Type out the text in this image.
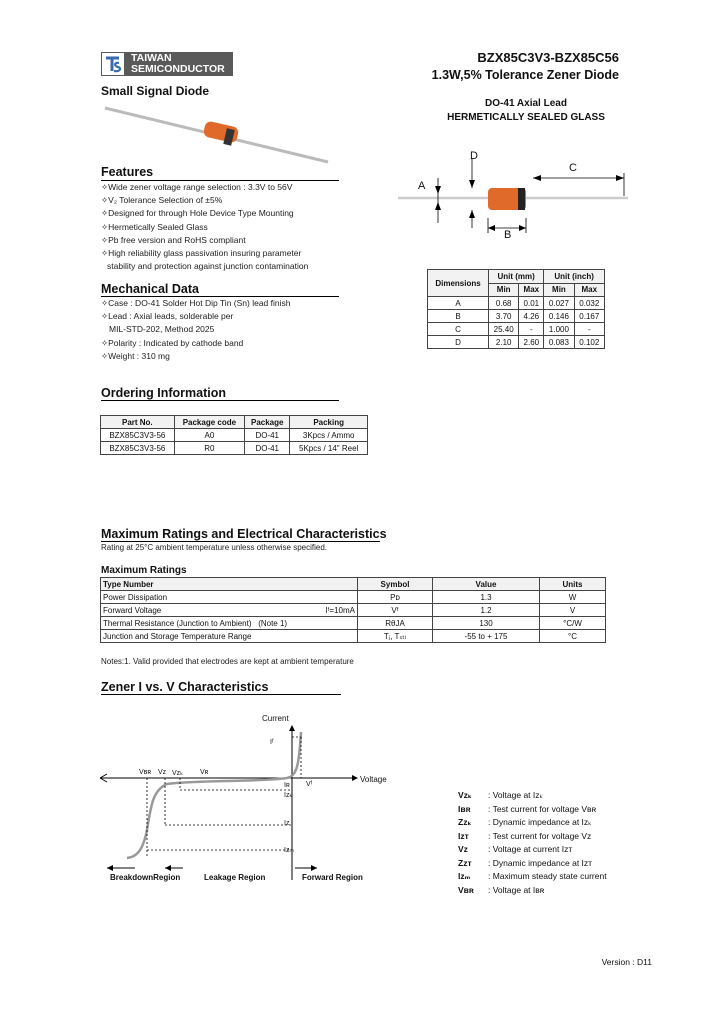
TAIWAN
SEMICONDUCTOR
BZX85C3V3-BZX85C56
1.3W,5% Tolerance Zener Diode
Small Signal Diode
DO-41 Axial Lead
HERMETICALLY SEALED GLASS
A
D
C
B
Dimensions	Unit (mm)		Unit (inch)	
	Min	Max	Min	Max
A	0.68	0.01	0.027	0.032
B	3.70	4.26	0.146	0.167
C	25.40	-	1.000	-
D	2.10	2.60	0.083	0.102
Features
✧Wide zener voltage range selection : 3.3V to 56V
✧V₂ Tolerance Selection of ±5%
✧Designed for through Hole Device Type Mounting
✧Hermetically Sealed Glass
✧Pb free version and RoHS compliant
✧High reliability glass passivation insuring parameter
stability and protection against junction contamination
Mechanical Data
✧Case : DO-41 Solder Hot Dip Tin (Sn) lead finish
✧Lead : Axial leads, solderable per
MIL-STD-202, Method 2025
✧Polarity : Indicated by cathode band
✧Weight : 310 mg
Ordering Information
Part No.	Package code	Package	Packing
BZX85C3V3-56	A0	DO-41	3Kpcs / Ammo
BZX85C3V3-56	R0	DO-41	5Kpcs / 14" Reel
Maximum Ratings and Electrical Characteristics
Rating at 25°C ambient temperature unless otherwise specified.
Maximum Ratings
Type Number	Symbol	Value	Units
Power Dissipation	Pᴅ	1.3	W
Forward Voltage Iᶠ=10mA	Vᶠ	1.2	V
Thermal Resistance (Junction to Ambient) (Note 1)	RθJA	130	°C/W
Junction and Storage Temperature Range	Tⱼ, Tₛₜₗ	-55 to + 175	°C
Notes:1. Valid provided that electrodes are kept at ambient temperature
Zener I vs. V Characteristics
Current
Voltage
Iᶠ
Vʙʀ Vᴢ Vᴢₖ Vʀ
Vᶠ
Iʀ
Iᴢₖ
Iᴢ
Iᴢₘ
BreakdownRegion	Leakage Region	Forward Region
Vᴢₖ : Voltage at Iᴢₖ
Iʙʀ : Test current for voltage Vʙʀ
Zᴢₖ : Dynamic impedance at Iᴢₖ
Iᴢᴛ : Test current for voltage Vᴢ
Vᴢ : Voltage at current Iᴢᴛ
Zᴢᴛ : Dynamic impedance at Iᴢᴛ
Iᴢₘ : Maximum steady state current
Vʙʀ : Voltage at Iʙʀ
Version : D11
